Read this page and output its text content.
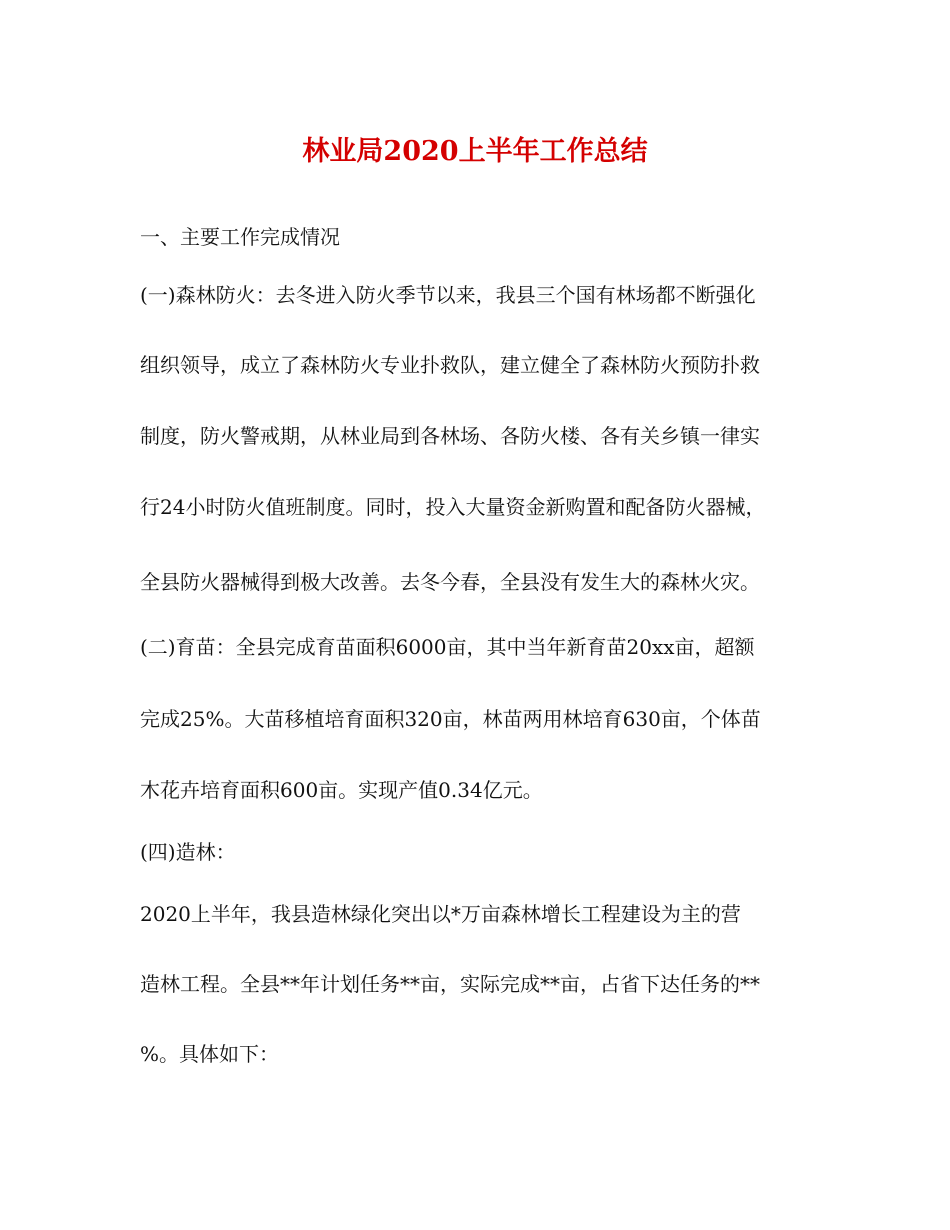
林业局2020上半年工作总结
一、主要工作完成情况
(一)森林防火：去冬进入防火季节以来，我县三个国有林场都不断强化
组织领导，成立了森林防火专业扑救队，建立健全了森林防火预防扑救
制度，防火警戒期，从林业局到各林场、各防火楼、各有关乡镇一律实
行24小时防火值班制度。同时，投入大量资金新购置和配备防火器械，
全县防火器械得到极大改善。去冬今春，全县没有发生大的森林火灾。
(二)育苗：全县完成育苗面积6000亩，其中当年新育苗20xx亩，超额
完成25%。大苗移植培育面积320亩，林苗两用林培育630亩，个体苗
木花卉培育面积600亩。实现产值0.34亿元。
(四)造林：
2020上半年，我县造林绿化突出以*万亩森林增长工程建设为主的营
造林工程。全县**年计划任务**亩，实际完成**亩，占省下达任务的**
%。具体如下：
